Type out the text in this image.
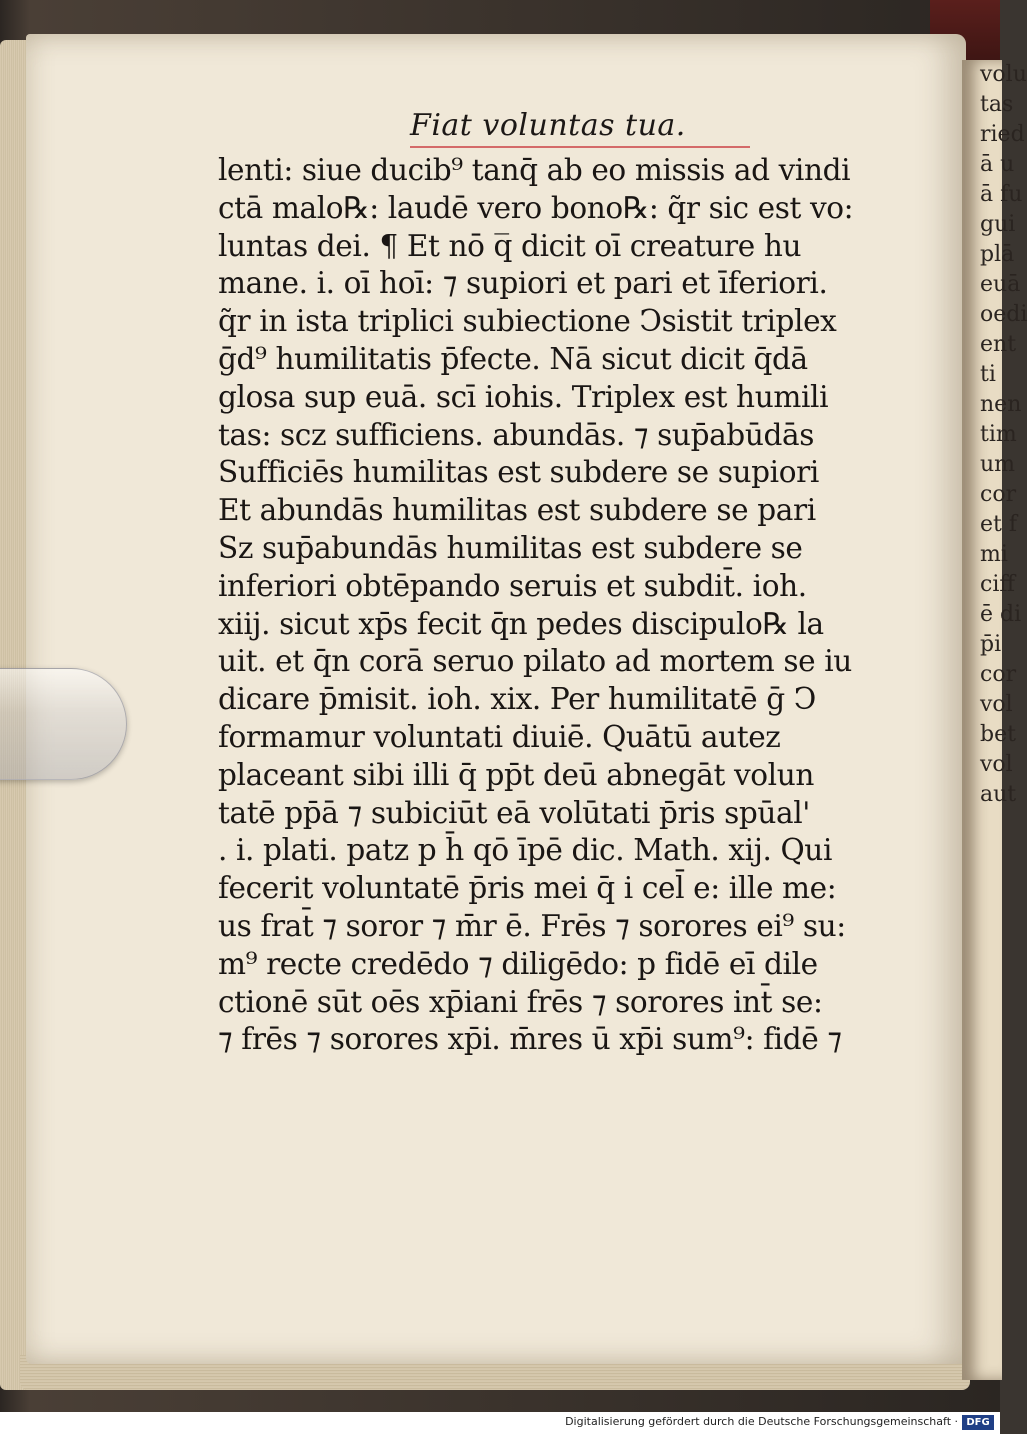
volu
tas
ried
ā u
ā fu
gui
plā
euā
oedi
ent
ti
nen
tim
um
cor
et f
mi
ciff
ē di
p̄i
cor
vol
bet
vol
aut
Fiat voluntas tua.
lenti: siue ducib⁹ tanq̄ ab eo missis ad vindi
ctā malo℞: laudē vero bono℞: q̃r sic est vo:
luntas dei. ¶ Et nō q̅ dicit oī creature hu
mane. i. oī hoī: ⁊ supiori et pari et īferiori.
q̃r in ista triplici subiectione Ↄsistit triplex
ḡd⁹ humilitatis p̄fecte. Nā sicut dicit q̄dā
glosa sup euā. scī iohis. Triplex est humili
tas: scz sufficiens. abundās. ⁊ sup̄abūdās
Sufficiēs humilitas est subdere se supiori
Et abundās humilitas est subdere se pari
Sz sup̄abundās humilitas est subdere se
inferiori obtēpando seruis et subdit̄. ioh.
xiij. sicut xp̄s fecit q̄n pedes discipulo℞ la
uit. et q̄n corā seruo pilato ad mortem se iu
dicare p̄misit. ioh. xix. Per humilitatē ḡ Ↄ
formamur voluntati diuiē. Quātū autez
placeant sibi illi q̄ pp̄t deū abnegāt volun
tatē pp̄ā ⁊ subiciūt eā volūtati p̄ris spūal'
. i. plati. patz p h̄ qō īpē dic. Math. xij. Qui
fecerit voluntatē p̄ris mei q̄ i cel̄ e: ille me:
us frat̄ ⁊ soror ⁊ m̄r ē. Frēs ⁊ sorores ei⁹ su:
m⁹ recte credēdo ⁊ diligēdo: p fidē eī dile
ctionē sūt oēs xp̄iani frēs ⁊ sorores int̄ se:
⁊ frēs ⁊ sorores xp̄i. m̄res ū xp̄i sum⁹: fidē ⁊
Digitalisierung gefördert durch die Deutsche Forschungsgemeinschaft · DFG
